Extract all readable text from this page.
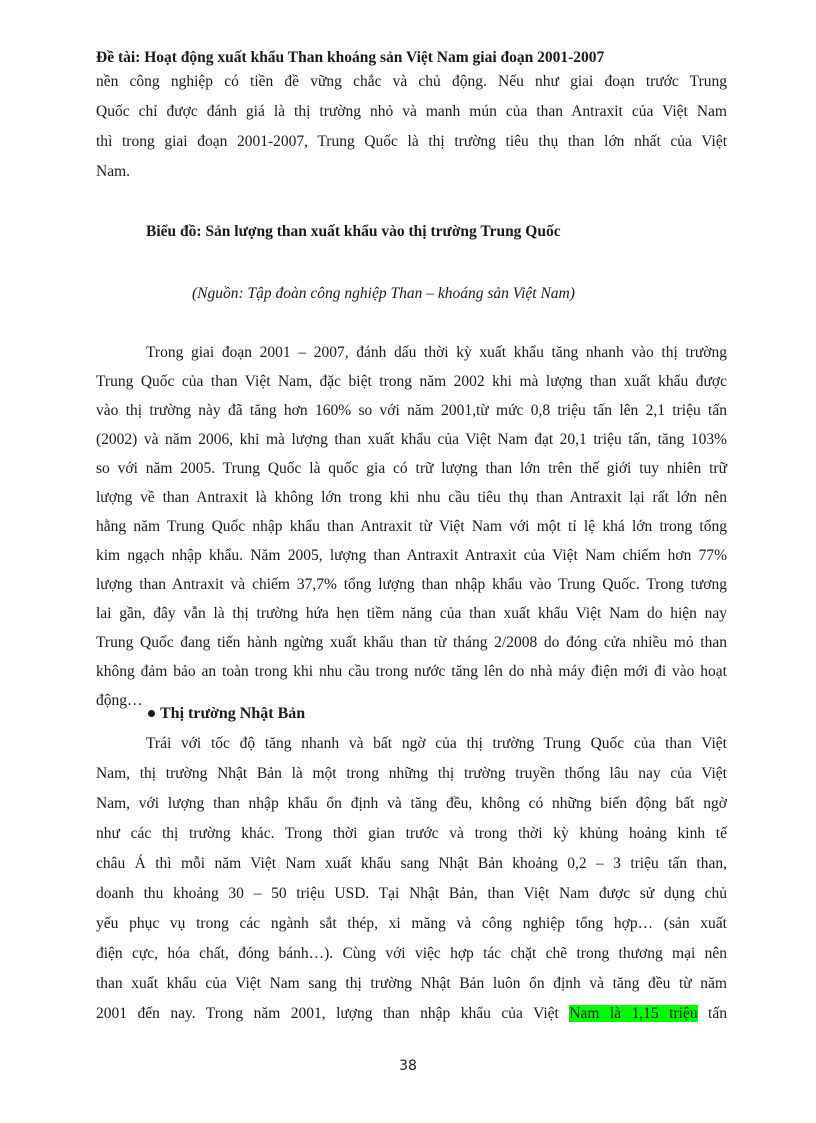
Đề tài: Hoạt động xuất khẩu Than khoáng sản Việt Nam giai đoạn 2001-2007
nền công nghiệp có tiền đề vững chắc và chủ động. Nếu như giai đoạn trước Trung
Quốc chỉ được đánh giá là thị trường nhỏ và manh mún của than Antraxit của Việt Nam
thì trong giai đoạn 2001-2007, Trung Quốc là thị trường tiêu thụ than lớn nhất của Việt
Nam.
Biểu đồ: Sản lượng than xuất khẩu vào thị trường Trung Quốc
(Nguồn: Tập đoàn công nghiệp Than – khoáng sản Việt Nam)
Trong giai đoạn 2001 – 2007, đánh dấu thời kỳ xuất khẩu tăng nhanh vào thị trường
Trung Quốc của than Việt Nam, đặc biệt trong năm 2002 khi mà lượng than xuất khẩu được
vào thị trường này đã tăng hơn 160% so với năm 2001,từ mức 0,8 triệu tấn lên 2,1 triệu tấn
(2002) và năm 2006, khi mà lượng than xuất khẩu của Việt Nam đạt 20,1 triệu tấn, tăng 103%
so với năm 2005. Trung Quốc là quốc gia có trữ lượng than lớn trên thế giới tuy nhiên trữ
lượng về than Antraxit là không lớn trong khi nhu cầu tiêu thụ than Antraxit lại rất lớn nên
hằng năm Trung Quốc nhập khẩu than Antraxit từ Việt Nam với một tỉ lệ khá lớn trong tổng
kim ngạch nhập khẩu. Năm 2005, lượng than Antraxit Antraxit của Việt Nam chiếm hơn 77%
lượng than Antraxit và chiếm 37,7% tổng lượng than nhập khẩu vào Trung Quốc. Trong tương
lai gần, đây vẫn là thị trường hứa hẹn tiềm năng của than xuất khẩu Việt Nam do hiện nay
Trung Quốc đang tiến hành ngừng xuất khẩu than từ tháng 2/2008 do đóng cửa nhiều mỏ than
không đảm bảo an toàn trong khi nhu cầu trong nước tăng lên do nhà máy điện mới đi vào hoạt
động…
Thị trường Nhật Bản
Trái với tốc độ tăng nhanh và bất ngờ của thị trường Trung Quốc của than Việt
Nam, thị trường Nhật Bản là một trong những thị trường truyền thống lâu nay của Việt
Nam, với lượng than nhập khẩu ổn định và tăng đều, không có những biến động bất ngờ
như các thị trường khác. Trong thời gian trước và trong thời kỳ khủng hoảng kinh tế
châu Á thì mỗi năm Việt Nam xuất khẩu sang Nhật Bản khoảng 0,2 – 3 triệu tấn than,
doanh thu khoảng 30 – 50 triệu USD. Tại Nhật Bản, than Việt Nam được sử dụng chủ
yếu phục vụ trong các ngành sắt thép, xi măng và công nghiệp tổng hợp… (sản xuất
điện cực, hóa chất, đóng bánh…). Cùng với việc hợp tác chặt chẽ trong thương mại nên
than xuất khẩu của Việt Nam sang thị trường Nhật Bản luôn ổn định và tăng đều từ năm
2001 đến nay. Trong năm 2001, lượng than nhập khẩu của Việt Nam là 1,15 triệu tấn
38
